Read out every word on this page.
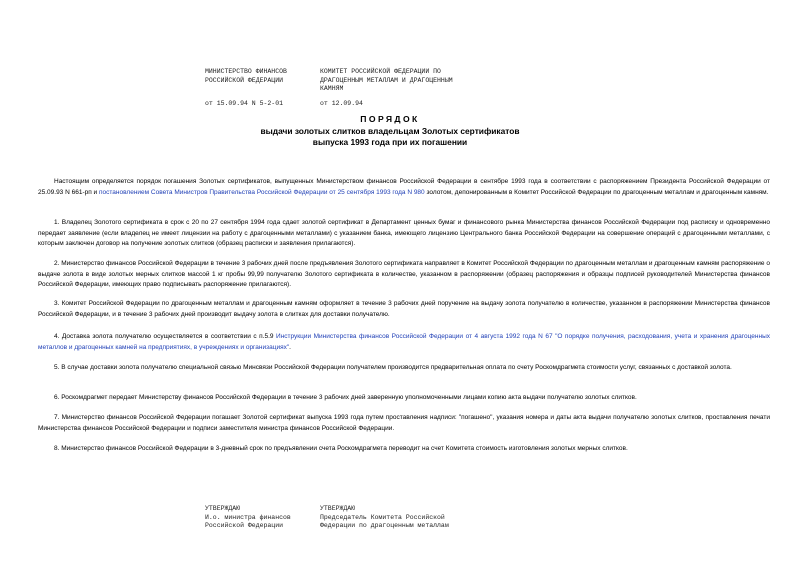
МИНИСТЕРСТВО ФИНАНСОВ
РОССИЙСКОЙ ФЕДЕРАЦИИ
КОМИТЕТ РОССИЙСКОЙ ФЕДЕРАЦИИ ПО
ДРАГОЦЕННЫМ МЕТАЛЛАМ И ДРАГОЦЕННЫМ
КАМНЯМ
от 15.09.94 N 5-2-01	от 12.09.94
ПОРЯДОК
выдачи золотых слитков владельцам Золотых сертификатов
выпуска 1993 года при их погашении
Настоящим определяется порядок погашения Золотых сертификатов, выпущенных Министерством финансов Российской Федерации в сентябре 1993 года в соответствии с распоряжением Президента Российской Федерации от 25.09.93 N 661-рп и постановлением Совета Министров Правительства Российской Федерации от 25 сентября 1993 года N 980 золотом, депонированным в Комитет Российской Федерации по драгоценным металлам и драгоценным камням.
1. Владелец Золотого сертификата в срок с 20 по 27 сентября 1994 года сдает золотой сертификат в Департамент ценных бумаг и финансового рынка Министерства финансов Российской Федерации под расписку и одновременно передает заявление (если владелец не имеет лицензии на работу с драгоценными металлами) с указанием банка, имеющего лицензию Центрального банка Российской Федерации на совершение операций с драгоценными металлами, с которым заключен договор на получение золотых слитков (образец расписки и заявления прилагаются).
2. Министерство финансов Российской Федерации в течение 3 рабочих дней после предъявления Золотого сертификата направляет в Комитет Российской Федерации по драгоценным металлам и драгоценным камням распоряжение о выдаче золота в виде золотых мерных слитков массой 1 кг пробы 99,99 получателю Золотого сертификата в количестве, указанном в распоряжении (образец распоряжения и образцы подписей руководителей Министерства финансов Российской Федерации, имеющих право подписывать распоряжение прилагаются).
3. Комитет Российской Федерации по драгоценным металлам и драгоценным камням оформляет в течение 3 рабочих дней поручение на выдачу золота получателю в количестве, указанном в распоряжении Министерства финансов Российской Федерации, и в течение 3 рабочих дней производит выдачу золота в слитках для доставки получателю.
4. Доставка золота получателю осуществляется в соответствии с п.5.9 Инструкции Министерства финансов Российской Федерации от 4 августа 1992 года N 67 "О порядке получения, расходования, учета и хранения драгоценных металлов и драгоценных камней на предприятиях, в учреждениях и организациях".
5. В случае доставки золота получателю специальной связью Минсвязи Российской Федерации получателем производится предварительная оплата по счету Роскомдрагмета стоимости услуг, связанных с доставкой золота.
6. Роскомдрагмет передает Министерству финансов Российской Федерации в течение 3 рабочих дней заверенную уполномоченными лицами копию акта выдачи получателю золотых слитков.
7. Министерство финансов Российской Федерации погашает Золотой сертификат выпуска 1993 года путем проставления надписи: "погашено", указания номера и даты акта выдачи получателю золотых слитков, проставления печати Министерства финансов Российской Федерации и подписи заместителя министра финансов Российской Федерации.
8. Министерство финансов Российской Федерации в 3-дневный срок по предъявлении счета Роскомдрагмета переводит на счет Комитета стоимость изготовления золотых мерных слитков.
УТВЕРЖДАЮ
И.о. министра финансов
Российской Федерации
УТВЕРЖДАЮ
Председатель Комитета Российской
Федерации по драгоценным металлам
